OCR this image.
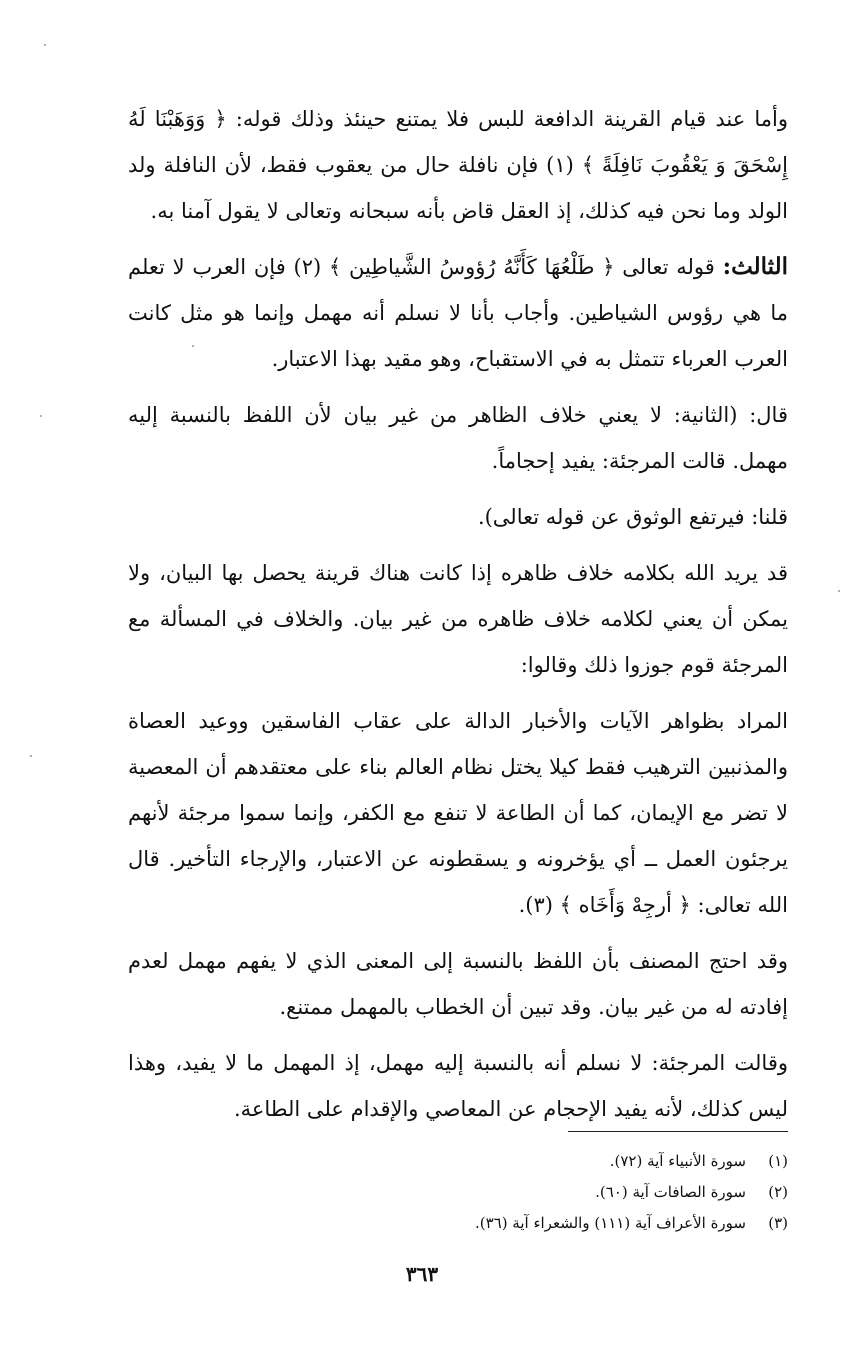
وأما عند قيام القرينة الدافعة للبس فلا يمتنع حينئذ وذلك قوله: ﴿ وَوَهَبْنَا لَهُ إِسْحَقَ وَ يَعْقُوبَ نَافِلَةً ﴾ (١) فإن نافلة حال من يعقوب فقط، لأن النافلة ولد الولد وما نحن فيه كذلك، إذ العقل قاض بأنه سبحانه وتعالى لا يقول آمنا به.

الثالث: قوله تعالى ﴿ طَلْعُهَا كَأَنَّهُ رُؤوسُ الشَّياطِين ﴾ (٢) فإن العرب لا تعلم ما هي رؤوس الشياطين. وأجاب بأنا لا نسلم أنه مهمل وإنما هو مثل كانت العرب العرباء تتمثل به في الاستقباح، وهو مقيد بهذا الاعتبار.

قال: (الثانية: لا يعني خلاف الظاهر من غير بيان لأن اللفظ بالنسبة إليه مهمل. قالت المرجئة: يفيد إحجاماً.

قلنا: فيرتفع الوثوق عن قوله تعالى).

قد يريد الله بكلامه خلاف ظاهره إذا كانت هناك قرينة يحصل بها البيان، ولا يمكن أن يعني لكلامه خلاف ظاهره من غير بيان. والخلاف في المسألة مع المرجئة قوم جوزوا ذلك وقالوا:

المراد بظواهر الآيات والأخبار الدالة على عقاب الفاسقين ووعيد العصاة والمذنبين الترهيب فقط كيلا يختل نظام العالم بناء على معتقدهم أن المعصية لا تضر مع الإيمان، كما أن الطاعة لا تنفع مع الكفر، وإنما سموا مرجئة لأنهم يرجئون العمل ــ أي يؤخرونه و يسقطونه عن الاعتبار، والإرجاء التأخير. قال الله تعالى: ﴿ أرجِهْ وَأَخَاه ﴾ (٣).

وقد احتج المصنف بأن اللفظ بالنسبة إلى المعنى الذي لا يفهم مهمل لعدم إفادته له من غير بيان. وقد تبين أن الخطاب بالمهمل ممتنع.

وقالت المرجئة: لا نسلم أنه بالنسبة إليه مهمل، إذ المهمل ما لا يفيد، وهذا ليس كذلك، لأنه يفيد الإحجام عن المعاصي والإقدام على الطاعة.

(١)سورة الأنبياء آية (٧٢).

(٢)سورة الصافات آية (٦٠).

(٣)سورة الأعراف آية (١١١) والشعراء آية (٣٦).

٣٦٣
